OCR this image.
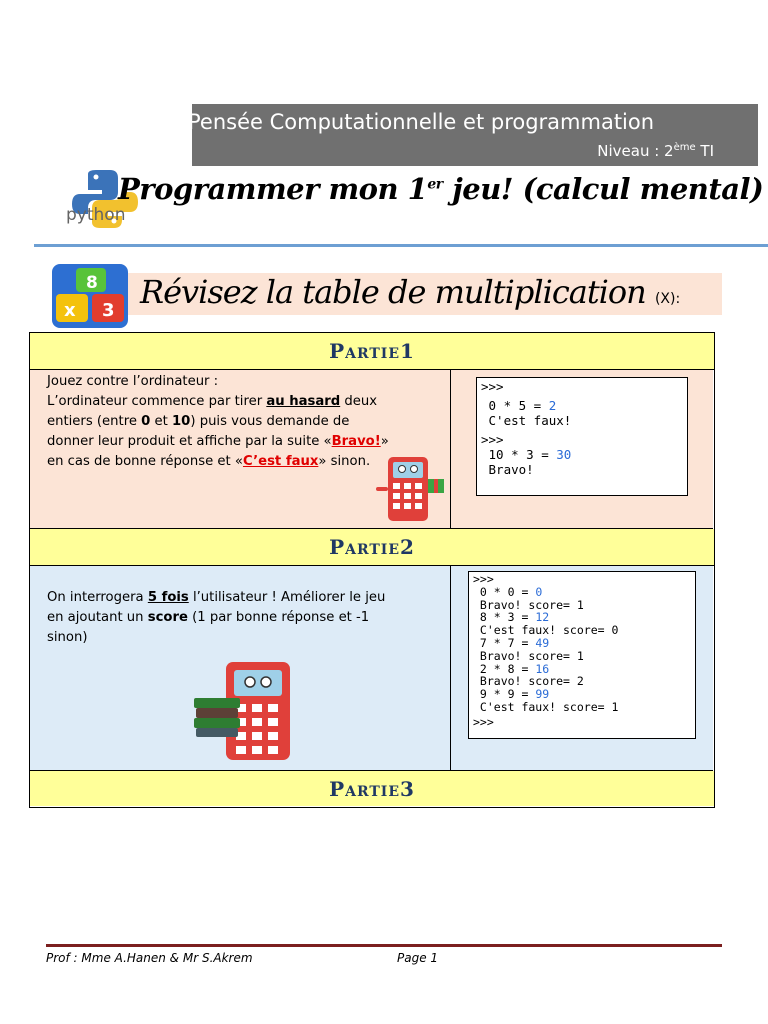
Pensée Computationnelle et programmation
Niveau : 2ème TI
python
Programmer mon 1er jeu! (calcul mental)
8
x 3 Révisez la table de multiplication (X):
Partie1
Jouez contre l’ordinateur :
L’ordinateur commence par tirer au hasard deux
entiers (entre 0 et 10) puis vous demande de
donner leur produit et affiche par la suite «Bravo!»
en cas de bonne réponse et «C’est faux» sinon.
>>>
0 * 5 = 2
C'est faux!
>>>
10 * 3 = 30
Bravo!
Partie2
On interrogera 5 fois l’utilisateur ! Améliorer le jeu
en ajoutant un score (1 par bonne réponse et -1
sinon)
>>>
0 * 0 = 0
Bravo! score= 1
8 * 3 = 12
C'est faux! score= 0
7 * 7 = 49
Bravo! score= 1
2 * 8 = 16
Bravo! score= 2
9 * 9 = 99
C'est faux! score= 1
>>>
Partie3
Prof : Mme A.Hanen & Mr S.Akrem	Page 1
